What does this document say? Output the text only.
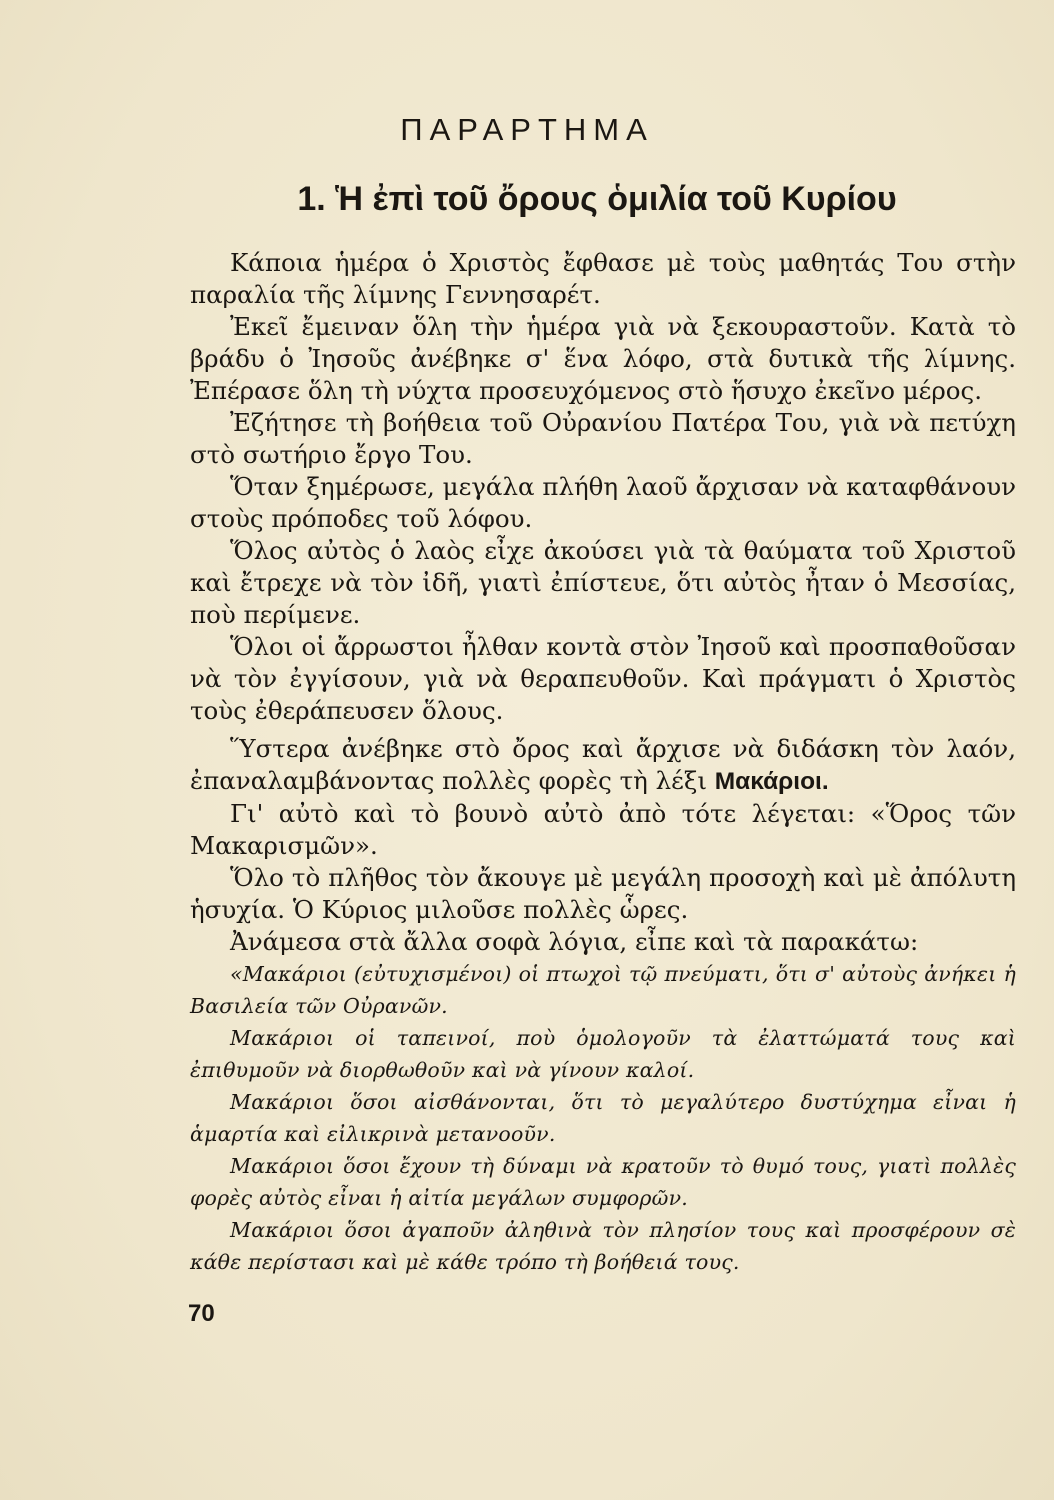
ΠΑΡΑΡΤΗΜΑ
1. Ἡ ἐπὶ τοῦ ὄρους ὁμιλία τοῦ Κυρίου

Κάποια ἡμέρα ὁ Χριστὸς ἔφθασε μὲ τοὺς μαθητάς Του στὴν παραλία τῆς λίμνης Γεννησαρέτ.

Ἐκεῖ ἔμειναν ὅλη τὴν ἡμέρα γιὰ νὰ ξεκουραστοῦν. Κατὰ τὸ βράδυ ὁ Ἰησοῦς ἀνέβηκε σ' ἕνα λόφο, στὰ δυτικὰ τῆς λίμνης. Ἐπέρασε ὅλη τὴ νύχτα προσευχόμενος στὸ ἥσυχο ἐκεῖνο μέρος.

Ἐζήτησε τὴ βοήθεια τοῦ Οὐρανίου Πατέρα Του, γιὰ νὰ πετύχη στὸ σωτήριο ἔργο Του.

Ὅταν ξημέρωσε, μεγάλα πλήθη λαοῦ ἄρχισαν νὰ καταφθάνουν στοὺς πρόποδες τοῦ λόφου.

Ὅλος αὐτὸς ὁ λαὸς εἶχε ἀκούσει γιὰ τὰ θαύματα τοῦ Χριστοῦ καὶ ἔτρεχε νὰ τὸν ἰδῆ, γιατὶ ἐπίστευε, ὅτι αὐτὸς ἦταν ὁ Μεσσίας, ποὺ περίμενε.

Ὅλοι οἱ ἄρρωστοι ἦλθαν κοντὰ στὸν Ἰησοῦ καὶ προσπαθοῦσαν νὰ τὸν ἐγγίσουν, γιὰ νὰ θεραπευθοῦν. Καὶ πράγματι ὁ Χριστὸς τοὺς ἐθεράπευσεν ὅλους.

Ὕστερα ἀνέβηκε στὸ ὄρος καὶ ἄρχισε νὰ διδάσκη τὸν λαόν, ἐπαναλαμβάνοντας πολλὲς φορὲς τὴ λέξι Μακάριοι.

Γι' αὐτὸ καὶ τὸ βουνὸ αὐτὸ ἀπὸ τότε λέγεται: «Ὅρος τῶν Μακαρισμῶν».

Ὅλο τὸ πλῆθος τὸν ἄκουγε μὲ μεγάλη προσοχὴ καὶ μὲ ἀπόλυτη ἡσυχία. Ὁ Κύριος μιλοῦσε πολλὲς ὧρες.

Ἀνάμεσα στὰ ἄλλα σοφὰ λόγια, εἶπε καὶ τὰ παρακάτω:

«Μακάριοι (εὐτυχισμένοι) οἱ πτωχοὶ τῷ πνεύματι, ὅτι σ' αὐτοὺς ἀνήκει ἡ Βασιλεία τῶν Οὐρανῶν.

Μακάριοι οἱ ταπεινοί, ποὺ ὁμολογοῦν τὰ ἐλαττώματά τους καὶ ἐπιθυμοῦν νὰ διορθωθοῦν καὶ νὰ γίνουν καλοί.

Μακάριοι ὅσοι αἰσθάνονται, ὅτι τὸ μεγαλύτερο δυστύχημα εἶναι ἡ ἁμαρτία καὶ εἰλικρινὰ μετανοοῦν.

Μακάριοι ὅσοι ἔχουν τὴ δύναμι νὰ κρατοῦν τὸ θυμό τους, γιατὶ πολλὲς φορὲς αὐτὸς εἶναι ἡ αἰτία μεγάλων συμφορῶν.

Μακάριοι ὅσοι ἀγαποῦν ἀληθινὰ τὸν πλησίον τους καὶ προσφέρουν σὲ κάθε περίστασι καὶ μὲ κάθε τρόπο τὴ βοήθειά τους.

70
